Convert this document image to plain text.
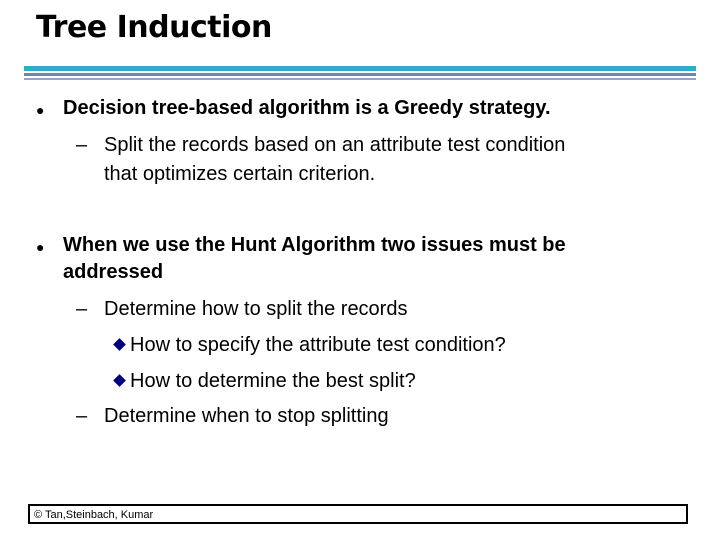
Tree Induction
● Decision tree-based algorithm is a Greedy strategy.
– Split the records based on an attribute test condition
that optimizes certain criterion.
● When we use the Hunt Algorithm two issues must be
addressed
– Determine how to split the records
How to specify the attribute test condition?
How to determine the best split?
– Determine when to stop splitting
© Tan,Steinbach, Kumar
